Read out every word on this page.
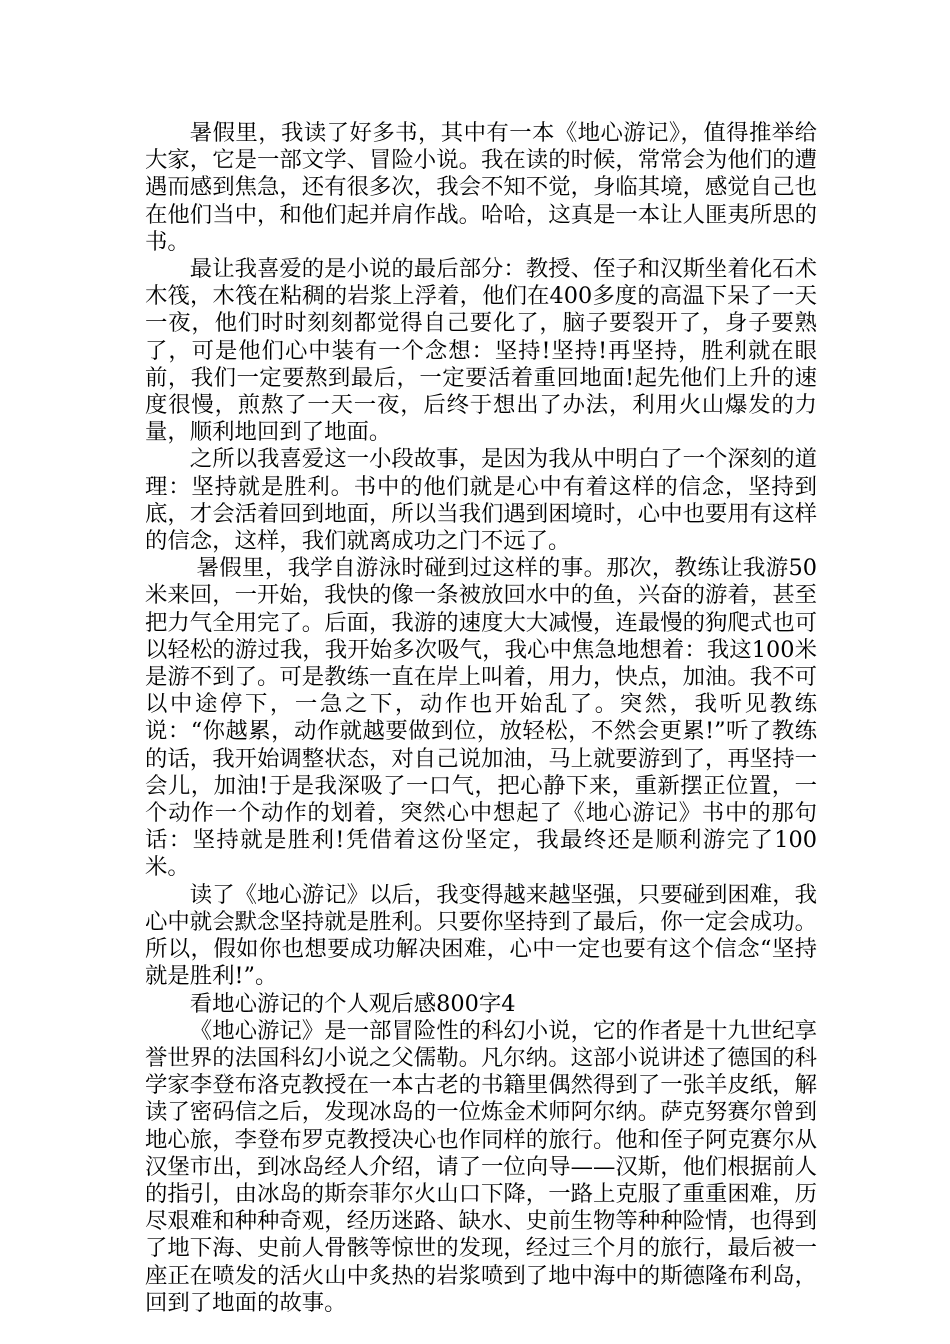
暑假里，我读了好多书，其中有一本《地心游记》，值得推举给大家，它是一部文学、冒险小说。我在读的时候，常常会为他们的遭遇而感到焦急，还有很多次，我会不知不觉，身临其境，感觉自己也在他们当中，和他们起并肩作战。哈哈，这真是一本让人匪夷所思的书。

最让我喜爱的是小说的最后部分：教授、侄子和汉斯坐着化石术木筏，木筏在粘稠的岩浆上浮着，他们在400多度的高温下呆了一天一夜，他们时时刻刻都觉得自己要化了，脑子要裂开了，身子要熟了，可是他们心中装有一个念想：坚持!坚持!再坚持，胜利就在眼前，我们一定要熬到最后，一定要活着重回地面!起先他们上升的速度很慢，煎熬了一天一夜，后终于想出了办法，利用火山爆发的力量，顺利地回到了地面。

之所以我喜爱这一小段故事，是因为我从中明白了一个深刻的道理：坚持就是胜利。书中的他们就是心中有着这样的信念，坚持到底，才会活着回到地面，所以当我们遇到困境时，心中也要用有这样的信念，这样，我们就离成功之门不远了。

暑假里，我学自游泳时碰到过这样的事。那次，教练让我游50米来回，一开始，我快的像一条被放回水中的鱼，兴奋的游着，甚至把力气全用完了。后面，我游的速度大大减慢，连最慢的狗爬式也可以轻松的游过我，我开始多次吸气，我心中焦急地想着：我这100米是游不到了。可是教练一直在岸上叫着，用力，快点，加油。我不可以中途停下，一急之下，动作也开始乱了。突然，我听见教练说：“你越累，动作就越要做到位，放轻松，不然会更累!”听了教练的话，我开始调整状态，对自己说加油，马上就要游到了，再坚持一会儿，加油!于是我深吸了一口气，把心静下来，重新摆正位置，一个动作一个动作的划着，突然心中想起了《地心游记》书中的那句话：坚持就是胜利!凭借着这份坚定，我最终还是顺利游完了100米。

读了《地心游记》以后，我变得越来越坚强，只要碰到困难，我心中就会默念坚持就是胜利。只要你坚持到了最后，你一定会成功。所以，假如你也想要成功解决困难，心中一定也要有这个信念“坚持就是胜利!”。

看地心游记的个人观后感800字4

《地心游记》是一部冒险性的科幻小说，它的作者是十九世纪享誉世界的法国科幻小说之父儒勒。凡尔纳。这部小说讲述了德国的科学家李登布洛克教授在一本古老的书籍里偶然得到了一张羊皮纸，解读了密码信之后，发现冰岛的一位炼金术师阿尔纳。萨克努赛尔曾到地心旅，李登布罗克教授决心也作同样的旅行。他和侄子阿克赛尔从汉堡市出，到冰岛经人介绍，请了一位向导——汉斯，他们根据前人的指引，由冰岛的斯奈菲尔火山口下降，一路上克服了重重困难，历尽艰难和种种奇观，经历迷路、缺水、史前生物等种种险情，也得到了地下海、史前人骨骸等惊世的发现，经过三个月的旅行，最后被一座正在喷发的活火山中炙热的岩浆喷到了地中海中的斯德隆布利岛，回到了地面的故事。
